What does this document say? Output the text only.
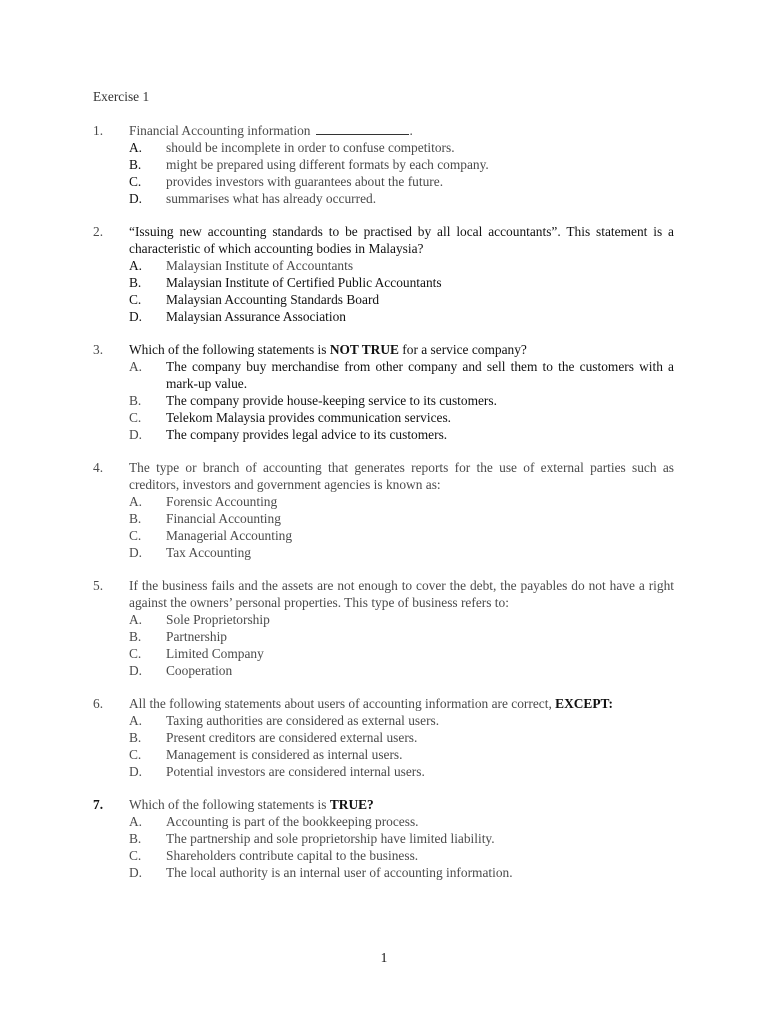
Exercise 1
1.	Financial Accounting information	.
A.	should be incomplete in order to confuse competitors.
B.	might be prepared using different formats by each company.
C.	provides investors with guarantees about the future.
D.	summarises what has already occurred.
2.	“Issuing new accounting standards to be practised by all local accountants”. This statement is a characteristic of which accounting bodies in Malaysia?
A.	Malaysian Institute of Accountants
B.	Malaysian Institute of Certified Public Accountants
C.	Malaysian Accounting Standards Board
D.	Malaysian Assurance Association
3.	Which of the following statements is NOT TRUE for a service company?
A.	The company buy merchandise from other company and sell them to the customers with a mark-up value.
B.	The company provide house-keeping service to its customers.
C.	Telekom Malaysia provides communication services.
D.	The company provides legal advice to its customers.
4.	The type or branch of accounting that generates reports for the use of external parties such as creditors, investors and government agencies is known as:
A.	Forensic Accounting
B.	Financial Accounting
C.	Managerial Accounting
D.	Tax Accounting
5.	If the business fails and the assets are not enough to cover the debt, the payables do not have a right against the owners’ personal properties. This type of business refers to:
A.	Sole Proprietorship
B.	Partnership
C.	Limited Company
D.	Cooperation
6.	All the following statements about users of accounting information are correct, EXCEPT:
A.	Taxing authorities are considered as external users.
B.	Present creditors are considered external users.
C.	Management is considered as internal users.
D.	Potential investors are considered internal users.
7.	Which of the following statements is TRUE?
A.	Accounting is part of the bookkeeping process.
B.	The partnership and sole proprietorship have limited liability.
C.	Shareholders contribute capital to the business.
D.	The local authority is an internal user of accounting information.
1
